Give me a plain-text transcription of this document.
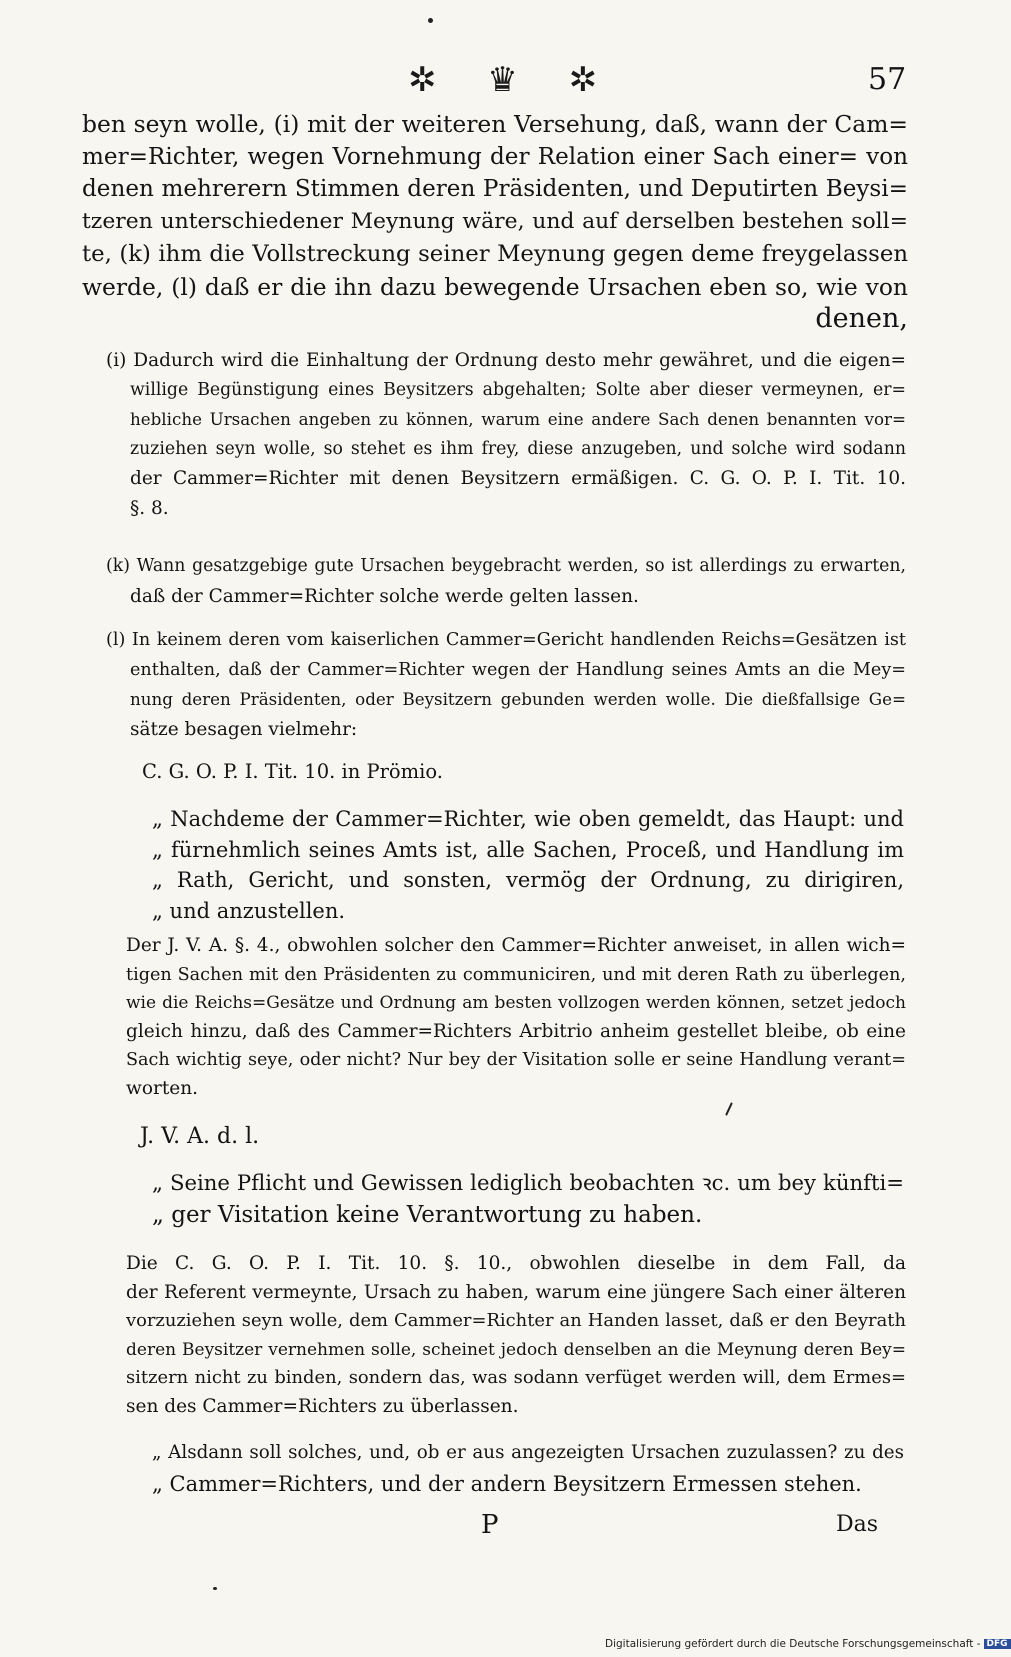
✲ ♛ ✲	57
ben seyn wolle, (i) mit der weiteren Versehung, daß, wann der Cam=
mer=Richter, wegen Vornehmung der Relation einer Sach einer= von
denen mehrerern Stimmen deren Präsidenten, und Deputirten Beysi=
tzeren unterschiedener Meynung wäre, und auf derselben bestehen soll=
te, (k) ihm die Vollstreckung seiner Meynung gegen deme freygelassen
werde, (l) daß er die ihn dazu bewegende Ursachen eben so, wie von
denen,
(i) Dadurch wird die Einhaltung der Ordnung desto mehr gewähret, und die eigen=
willige Begünstigung eines Beysitzers abgehalten; Solte aber dieser vermeynen, er=
hebliche Ursachen angeben zu können, warum eine andere Sach denen benannten vor=
zuziehen seyn wolle, so stehet es ihm frey, diese anzugeben, und solche wird sodann
der Cammer=Richter mit denen Beysitzern ermäßigen. C. G. O. P. I. Tit. 10.
§. 8.
(k) Wann gesatzgebige gute Ursachen beygebracht werden, so ist allerdings zu erwarten,
daß der Cammer=Richter solche werde gelten lassen.
(l) In keinem deren vom kaiserlichen Cammer=Gericht handlenden Reichs=Gesätzen ist
enthalten, daß der Cammer=Richter wegen der Handlung seines Amts an die Mey=
nung deren Präsidenten, oder Beysitzern gebunden werden wolle. Die dießfallsige Ge=
sätze besagen vielmehr:
C. G. O. P. I. Tit. 10. in Prömio.
„ Nachdeme der Cammer=Richter, wie oben gemeldt, das Haupt: und
„ fürnehmlich seines Amts ist, alle Sachen, Proceß, und Handlung im
„ Rath, Gericht, und sonsten, vermög der Ordnung, zu dirigiren,
„ und anzustellen.
Der J. V. A. §. 4., obwohlen solcher den Cammer=Richter anweiset, in allen wich=
tigen Sachen mit den Präsidenten zu communiciren, und mit deren Rath zu überlegen,
wie die Reichs=Gesätze und Ordnung am besten vollzogen werden können, setzet jedoch
gleich hinzu, daß des Cammer=Richters Arbitrio anheim gestellet bleibe, ob eine
Sach wichtig seye, oder nicht? Nur bey der Visitation solle er seine Handlung verant=
worten.
J. V. A. d. l.
„ Seine Pflicht und Gewissen lediglich beobachten ꝛc. um bey künfti=
„ ger Visitation keine Verantwortung zu haben.
Die C. G. O. P. I. Tit. 10. §. 10., obwohlen dieselbe in dem Fall, da
der Referent vermeynte, Ursach zu haben, warum eine jüngere Sach einer älteren
vorzuziehen seyn wolle, dem Cammer=Richter an Handen lasset, daß er den Beyrath
deren Beysitzer vernehmen solle, scheinet jedoch denselben an die Meynung deren Bey=
sitzern nicht zu binden, sondern das, was sodann verfüget werden will, dem Ermes=
sen des Cammer=Richters zu überlassen.
„ Alsdann soll solches, und, ob er aus angezeigten Ursachen zuzulassen? zu des
„ Cammer=Richters, und der andern Beysitzern Ermessen stehen.
P	Das
Digitalisierung gefördert durch die Deutsche Forschungsgemeinschaft - DFG
